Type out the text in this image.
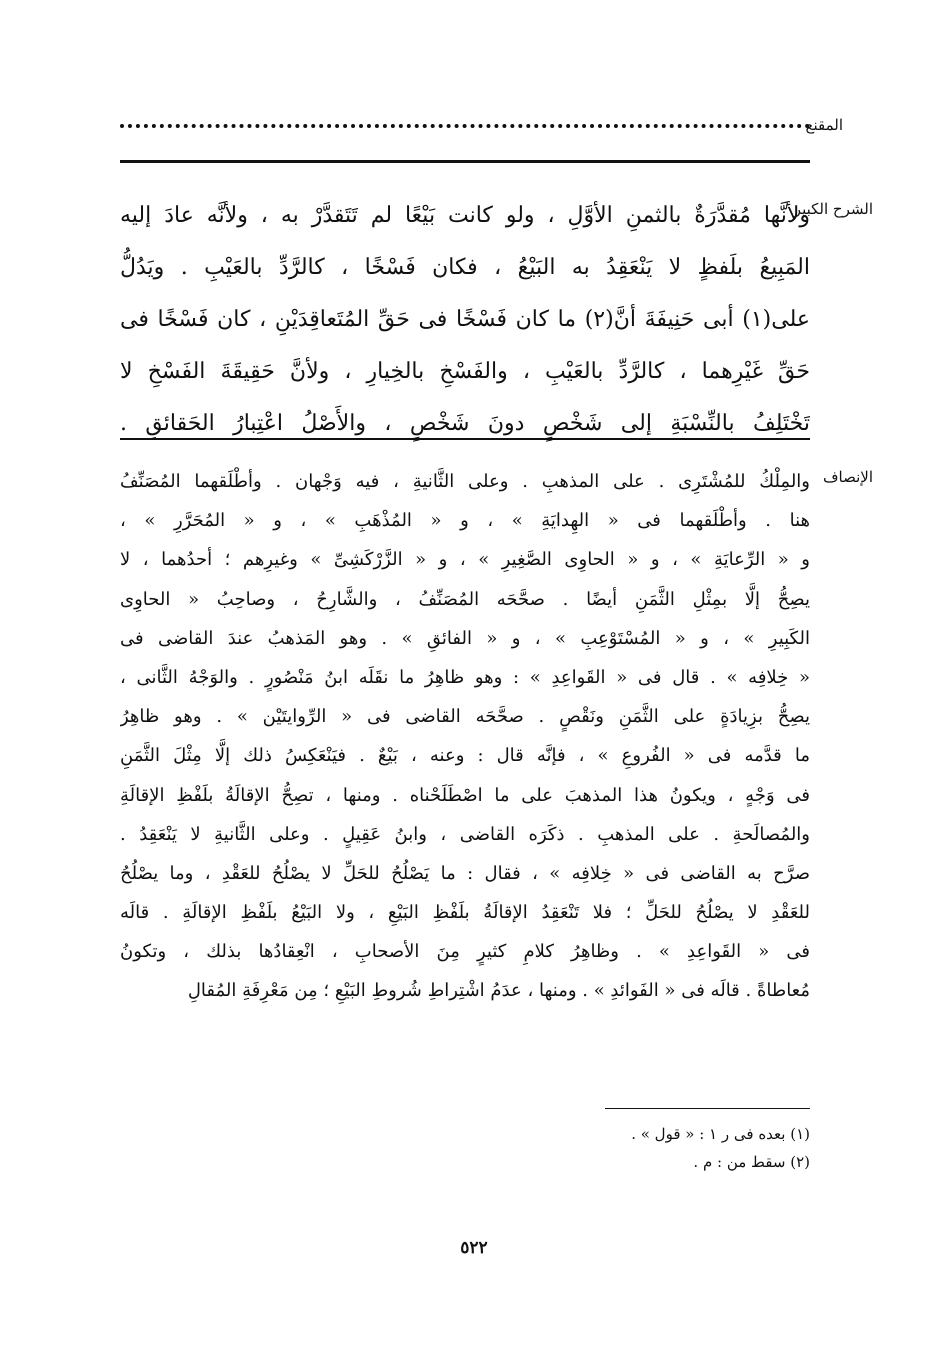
المقنع
الشرح الكبير
ولأنَّها مُقدَّرَةٌ بالثمنِ الأوَّلِ ، ولو كانت بَيْعًا لم تَتَقدَّرْ به ، ولأنَّه عادَ إليه
المَبِيعُ بلَفظٍ لا يَنْعَقِدُ به البَيْعُ ، فكان فَسْخًا ، كالرَّدِّ بالعَيْبِ . ويَدُلُّ
على(١) أبى حَنِيفَةَ أنَّ(٢) ما كان فَسْخًا فى حَقِّ المُتَعاقِدَيْنِ ، كان فَسْخًا فى
حَقِّ غَيْرِهما ، كالرَّدِّ بالعَيْبِ ، والفَسْخِ بالخِيارِ ، ولأنَّ حَقِيقَةَ الفَسْخِ لا
تَخْتَلِفُ بالنِّسْبَةِ إلى شَخْصٍ دونَ شَخْصٍ ، والأَصْلُ اعْتِبارُ الحَقائقِ .
الإنصاف
والمِلْكُ للمُشْتَرِى . على المذهبِ . وعلى الثَّانيةِ ، فيه وَجْهان . وأطْلَقهما المُصَنِّفُ
هنا . وأطْلَقهما فى « الهِدايَةِ » ، و « المُذْهَبِ » ، و « المُحَرَّرِ » ،
و « الرِّعايَةِ » ، و « الحاوِى الصَّغِيرِ » ، و « الزَّرْكَشِىِّ » وغيرِهم ؛ أحدُهما ، لا
يصِحُّ إلَّا بمِثْلِ الثَّمَنِ أيضًا . صحَّحَه المُصَنِّفُ ، والشَّارِحُ ، وصاحِبُ « الحاوِى
الكَبِيرِ » ، و « المُسْتَوْعِبِ » ، و « الفائقِ » . وهو المَذهبُ عندَ القاضى فى
« خِلافِه » . قال فى « القَواعِدِ » : وهو ظاهِرُ ما نقَلَه ابنُ مَنْصُورٍ . والوَجْهُ الثَّانى ،
يصِحُّ بزِيادَةٍ على الثَّمَنِ ونَقْصٍ . صحَّحَه القاضى فى « الرِّوايتَيْن » . وهو ظاهِرُ
ما قدَّمه فى « الفُروعِ » ، فإنَّه قال : وعنه ، بَيْعٌ . فيَنْعَكِسُ ذلك إلَّا مِثْلَ الثَّمَنِ
فى وَجْهٍ ، ويكونُ هذا المذهبَ على ما اصْطَلَحْناه . ومنها ، تصِحُّ الإقالَةُ بلَفْظِ الإقالَةِ
والمُصالَحةِ . على المذهبِ . ذكَرَه القاضى ، وابنُ عَقِيلٍ . وعلى الثَّانيةِ لا يَنْعَقِدُ .
صرَّح به القاضى فى « خِلافِه » ، فقال : ما يَصْلُحُ للحَلِّ لا يصْلُحُ للعَقْدِ ، وما يصْلُحُ
للعَقْدِ لا يصْلُحُ للحَلِّ ؛ فلا تَنْعَقِدُ الإقالَةُ بلَفْظِ البَيْعِ ، ولا البَيْعُ بلَفْظِ الإقالَةِ . قالَه
فى « القَواعِدِ » . وظاهِرُ كلامِ كثيرٍ مِنَ الأصحابِ ، انْعِقادُها بذلك ، وتكونُ
مُعاطاةً . قالَه فى « الفَوائدِ » . ومنها ، عدَمُ اشْتِراطِ شُروطِ البَيْعِ ؛ مِن مَعْرِفَةِ المُقالِ
(١) بعده فى ر ١ : « قول » .
(٢) سقط من : م .
٥٢٢
